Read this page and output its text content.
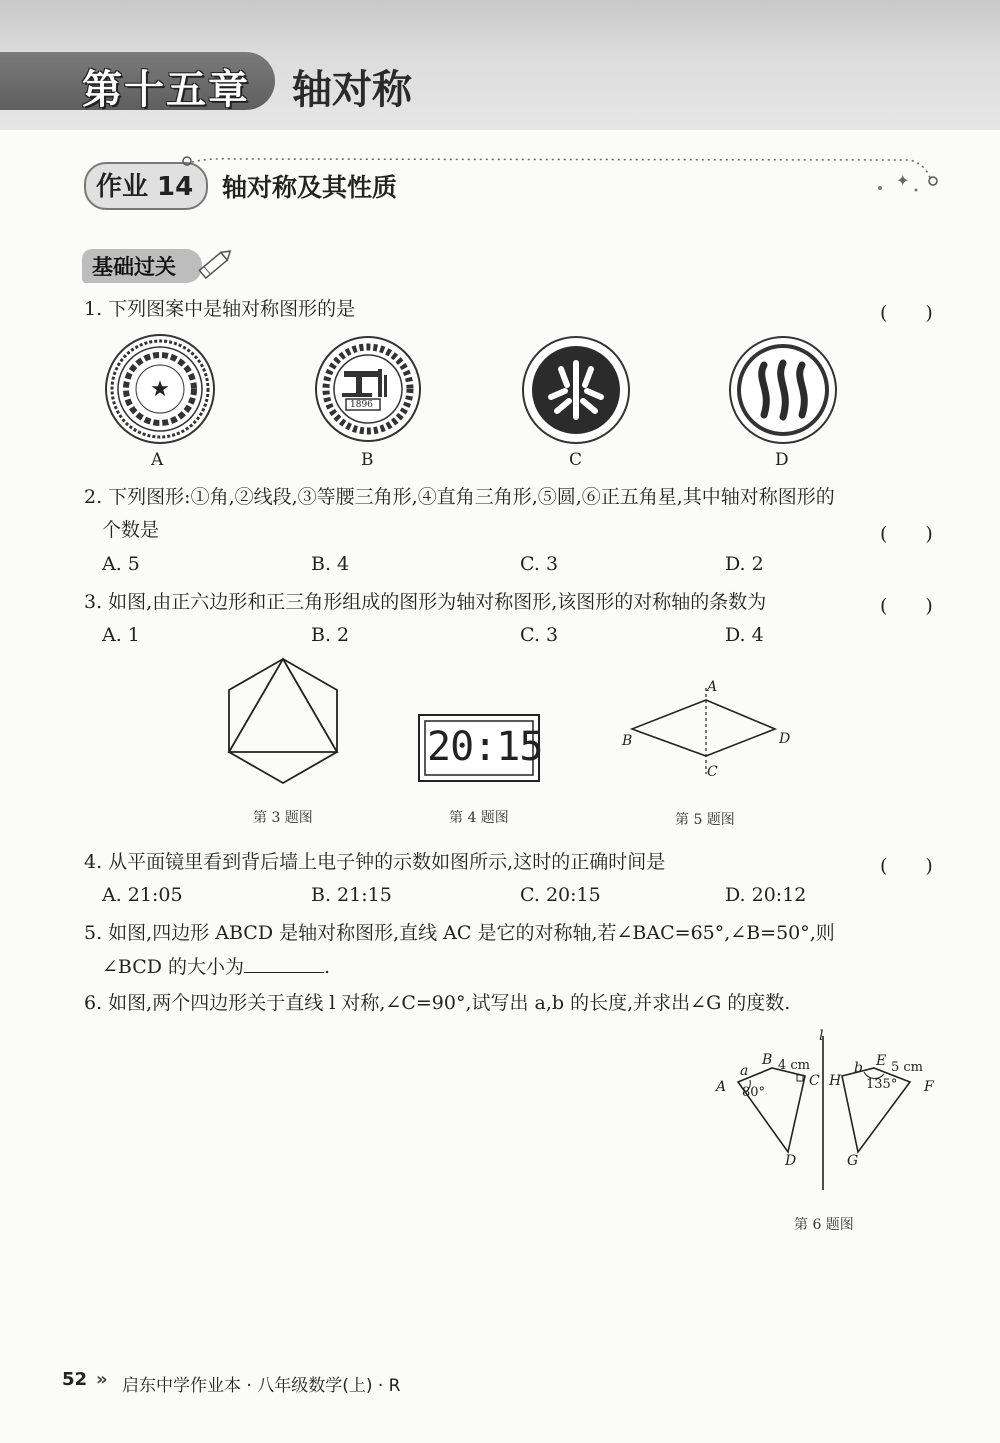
第十五章 轴对称
作业 14 轴对称及其性质	✦
基础过关
1. 下列图案中是轴对称图形的是	(　　)
★
A
1896
B	C	D
2. 下列图形:①角,②线段,③等腰三角形,④直角三角形,⑤圆,⑥正五角星,其中轴对称图形的
个数是	(　　)
A. 5	B. 4	C. 3	D. 2
3. 如图,由正六边形和正三角形组成的图形为轴对称图形,该图形的对称轴的条数为	(　　)
A. 1	B. 2	C. 3	D. 4
第 3 题图
20:15
第 4 题图
A
B
C
D
第 5 题图
4. 从平面镜里看到背后墙上电子钟的示数如图所示,这时的正确时间是	(　　)
A. 21:05	B. 21:15	C. 20:15	D. 20:12
5. 如图,四边形 ABCD 是轴对称图形,直线 AC 是它的对称轴,若∠BAC=65°,∠B=50°,则
∠BCD 的大小为	.
6. 如图,两个四边形关于直线 l 对称,∠C=90°,试写出 a,b 的长度,并求出∠G 的度数.
l
A
B
C
D
a 4 cm
80°
H
E
F
G
b 5 cm
135°
第 6 题图
52 » 启东中学作业本 · 八年级数学(上) · R
